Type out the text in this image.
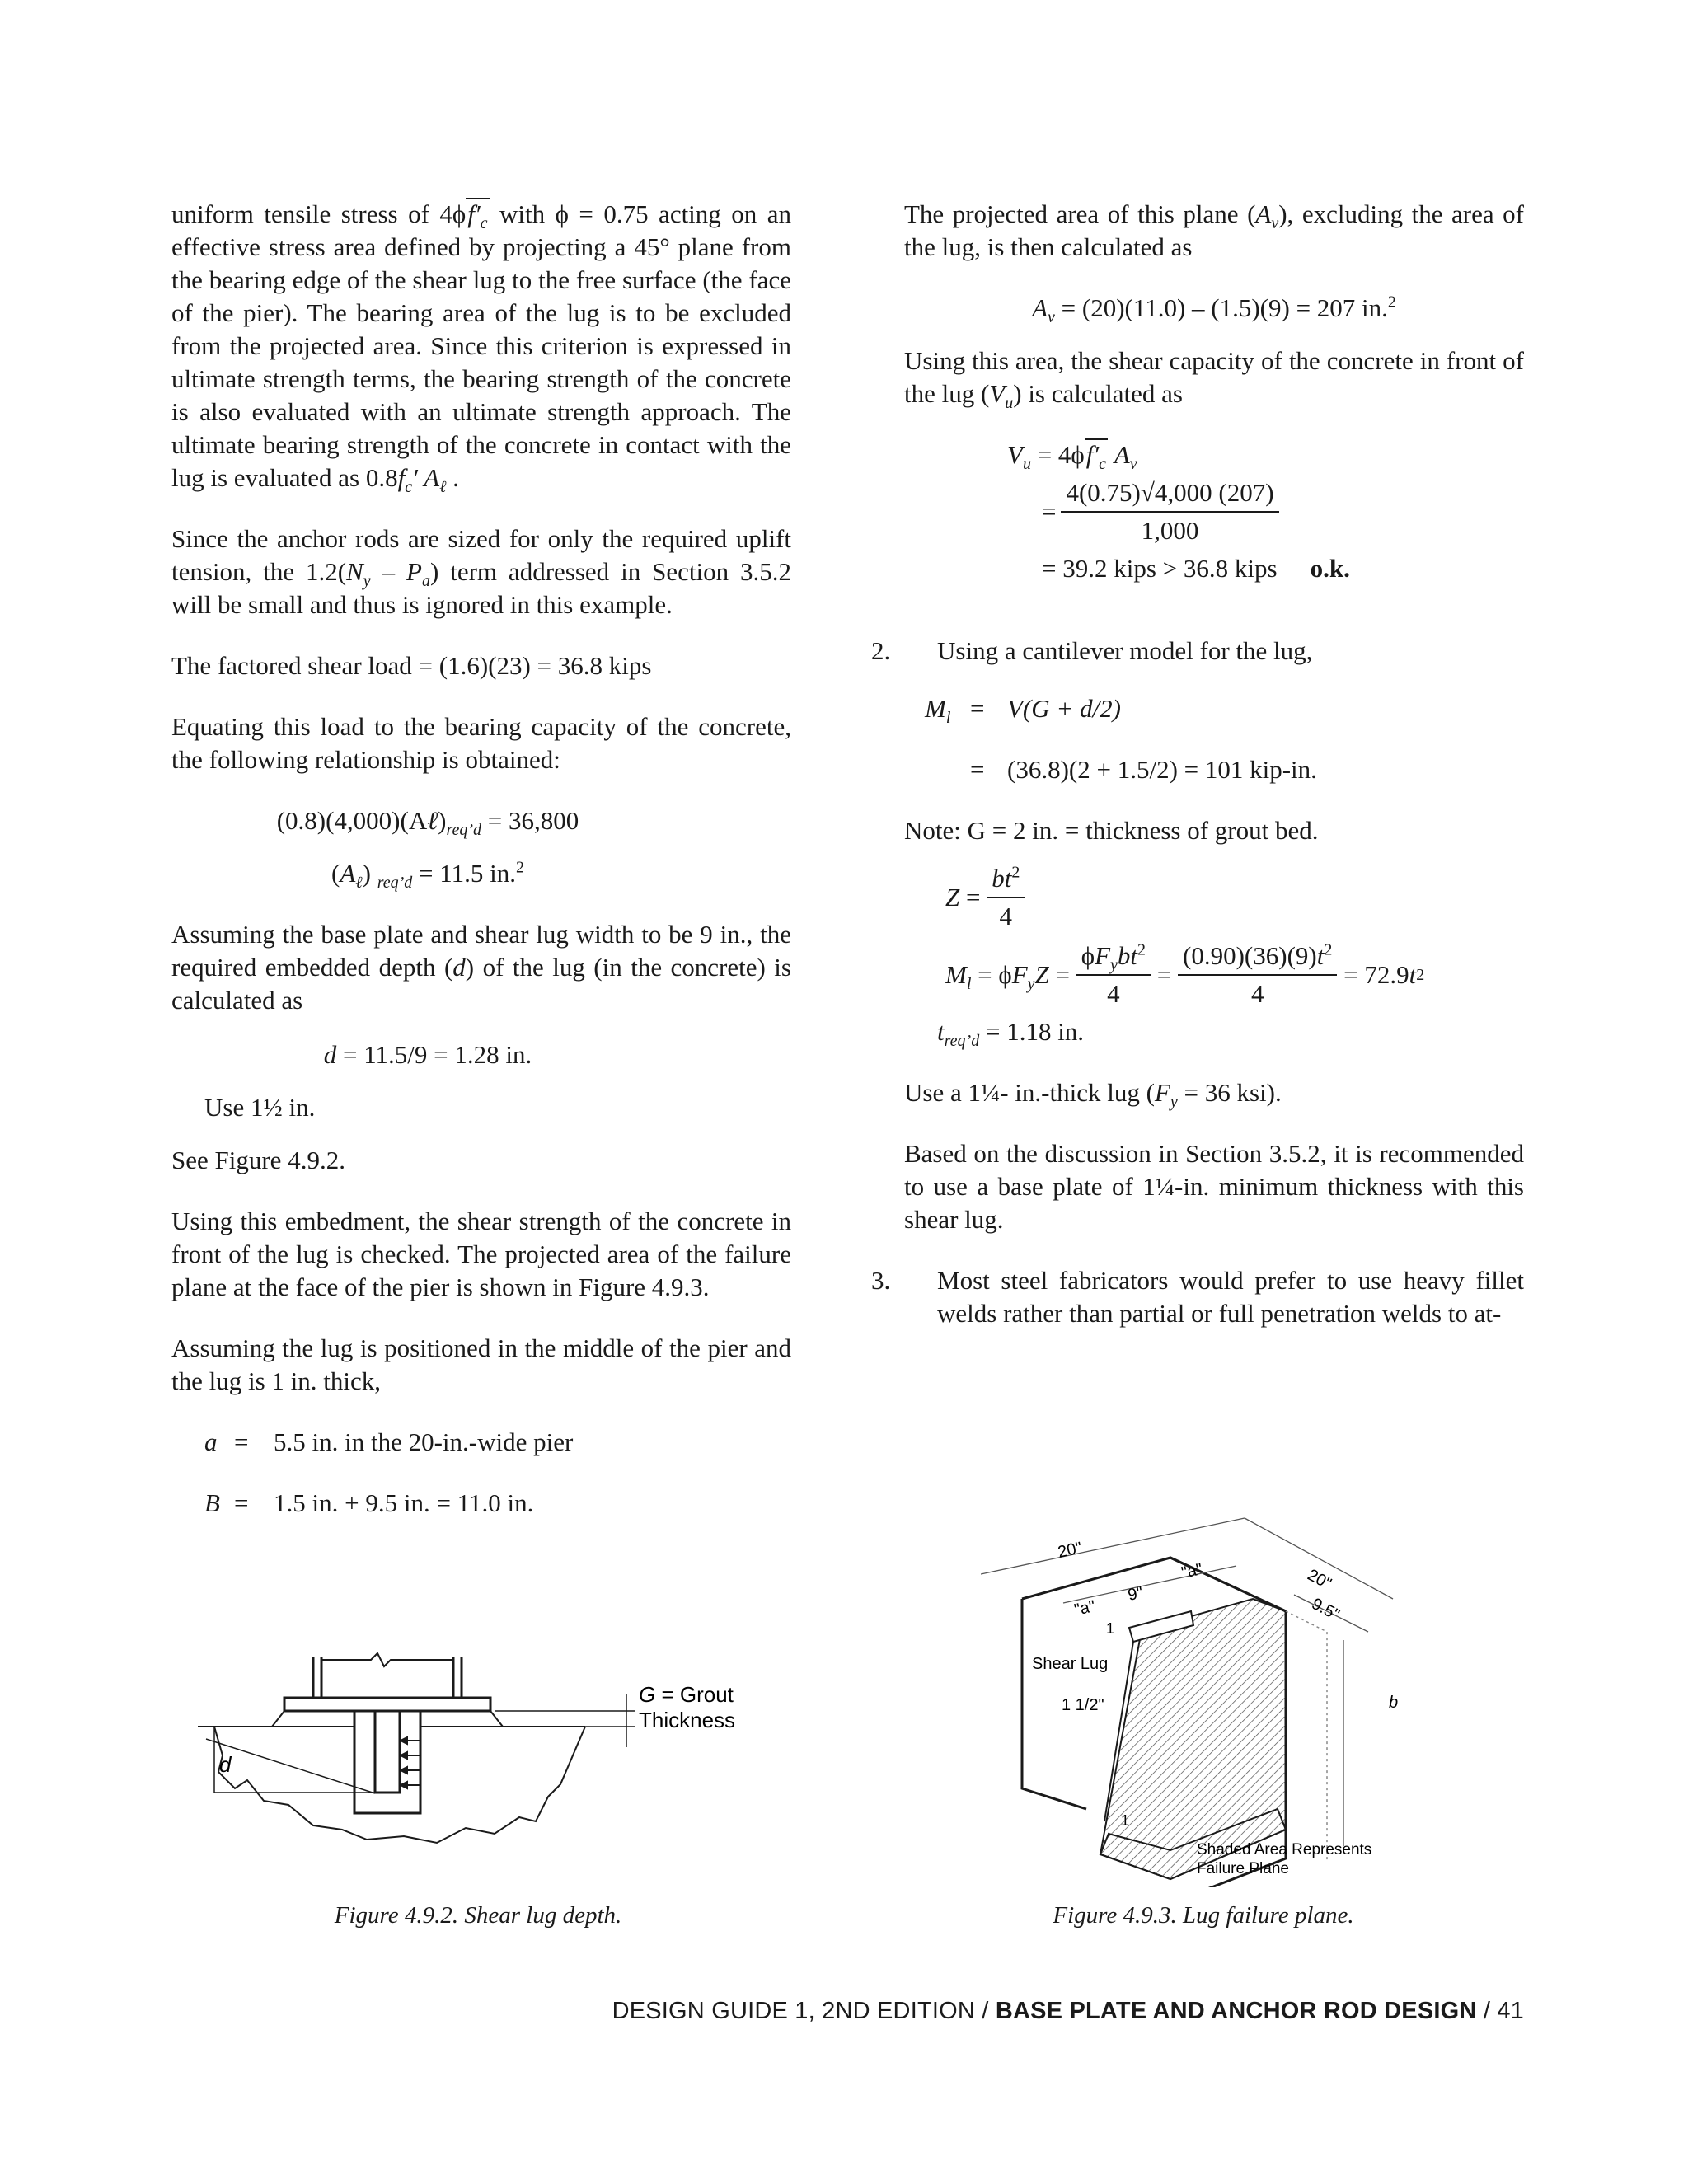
uniform tensile stress of $4\phi f'_c$ with ϕ = 0.75 acting on an effective stress area defined by projecting a 45° plane from the bearing edge of the shear lug to the free surface (the face of the pier). The bearing area of the lug is to be excluded from the projected area. Since this criterion is expressed in ultimate strength terms, the bearing strength of the concrete is also evaluated with an ultimate strength approach. The ultimate bearing strength of the concrete in contact with the lug is evaluated as $0.8f_c'$ $A_\ell$ .

Since the anchor rods are sized for only the required uplift tension, the $1.2(N_y - P_a)$ term addressed in Section 3.5.2 will be small and thus is ignored in this example.

The factored shear load = (1.6)(23) = 36.8 kips

Equating this load to the bearing capacity of the concrete, the following relationship is obtained:

$(0.8)(4,000)(A\ell)_{req’d} = 36,800$

$(A_\ell) _{req’d} = 11.5$ in.$^2$

Assuming the base plate and shear lug width to be 9 in., the required embedded depth (d) of the lug (in the concrete) is calculated as

d = 11.5/9 = 1.28 in.

Use 1½ in.

See Figure 4.9.2.

Using this embedment, the shear strength of the concrete in front of the lug is checked. The projected area of the failure plane at the face of the pier is shown in Figure 4.9.3.

Assuming the lug is positioned in the middle of the pier and the lug is 1 in. thick,

a = 5.5 in. in the 20-in.-wide pier
B = 1.5 in. + 9.5 in. = 11.0 in.

The projected area of this plane $(A_v)$, excluding the area of the lug, is then calculated as

$A_v = (20)(11.0) - (1.5)(9) = 207$ in.$^2$

Using this area, the shear capacity of the concrete in front of the lug $(V_u)$ is calculated as

$V_u = 4\phi f'_c$ $A_v$
= $\frac{4(0.75)√4,000 (207)}{1,000}$
= 39.2 kips > 36.8 kips o.k.
2.	Using a cantilever model for the lug,
$M_l = V(G + d/2)$
= (36.8)(2 + 1.5/2) = 101 kip-in.

Note: G = 2 in. = thickness of grout bed.

$Z = \frac{bt^2}{4}$
$M_l = \phi$ $F_yZ = \frac{\phi F_ybt^2}{4} = \frac{(0.90)(36)(9)t^2}{4} = 72.9$ t 2
$t_{req’d} = 1.18$ in.

Use a 1¼- in.-thick lug ($F_y = 36$ ksi).

Based on the discussion in Section 3.5.2, it is recommended to use a base plate of 1¼-in. minimum thickness with this shear lug.

3.	Most steel fabricators would prefer to use heavy fillet welds rather than partial or full penetration welds to at-
d
G = Grout
Thickness
Figure 4.9.2. Shear lug depth.
20"
20"
9.5"
9"
"a"
"a"
1
Shear Lug
1 1/2"	b
1
Shaded Area Represents
Failure Plane
Figure 4.9.3. Lug failure plane.
DESIGN GUIDE 1, 2ND EDITION / BASE PLATE AND ANCHOR ROD DESIGN / 41
